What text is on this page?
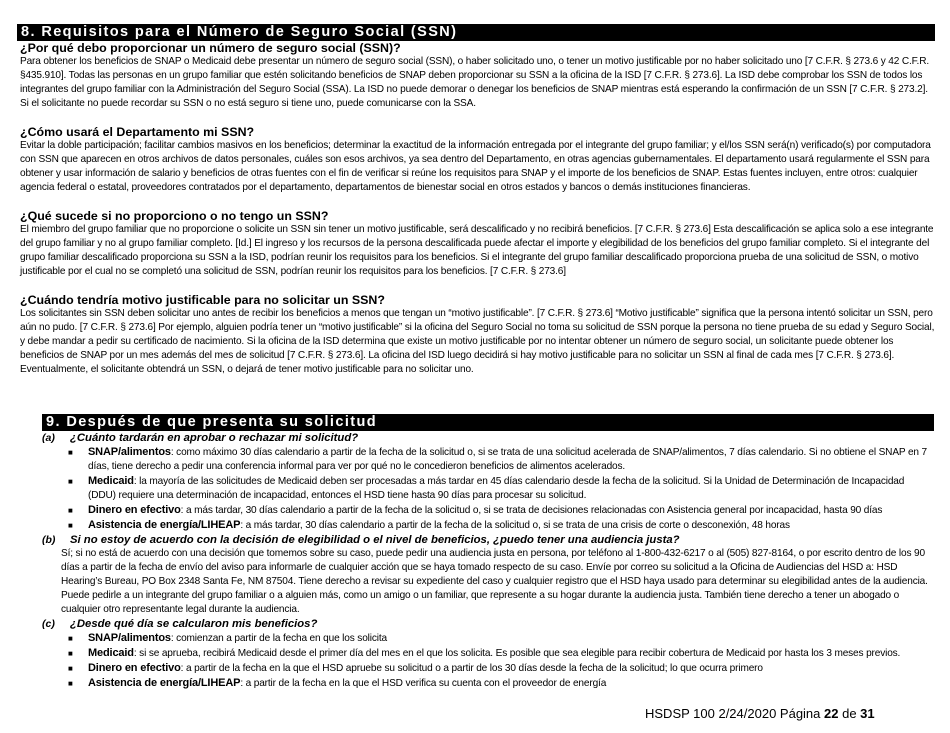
8. Requisitos para el Número de Seguro Social (SSN)

¿Por qué debo proporcionar un número de seguro social (SSN)?

Para obtener los beneficios de SNAP o Medicaid debe presentar un número de seguro social (SSN), o haber solicitado uno, o tener un motivo justificable por no haber solicitado uno [7 C.F.R. § 273.6 y 42 C.F.R. §435.910]. Todas las personas en un grupo familiar que estén solicitando beneficios de SNAP deben proporcionar su SSN a la oficina de la ISD [7 C.F.R. § 273.6]. La ISD debe comprobar los SSN de todos los integrantes del grupo familiar con la Administración del Seguro Social (SSA). La ISD no puede demorar o denegar los beneficios de SNAP mientras está esperando la confirmación de un SSN [7 C.F.R. § 273.2]. Si el solicitante no puede recordar su SSN o no está seguro si tiene uno, puede comunicarse con la SSA.

¿Cómo usará el Departamento mi SSN?

Evitar la doble participación; facilitar cambios masivos en los beneficios; determinar la exactitud de la información entregada por el integrante del grupo familiar; y el/los SSN será(n) verificado(s) por computadora con SSN que aparecen en otros archivos de datos personales, cuáles son esos archivos, ya sea dentro del Departamento, en otras agencias gubernamentales. El departamento usará regularmente el SSN para obtener y usar información de salario y beneficios de otras fuentes con el fin de verificar si reúne los requisitos para SNAP y el importe de los beneficios de SNAP. Estas fuentes incluyen, entre otros: cualquier agencia federal o estatal, proveedores contratados por el departamento, departamentos de bienestar social en otros estados y bancos o demás instituciones financieras.

¿Qué sucede si no proporciono o no tengo un SSN?

El miembro del grupo familiar que no proporcione o solicite un SSN sin tener un motivo justificable, será descalificado y no recibirá beneficios. [7 C.F.R. § 273.6] Esta descalificación se aplica solo a ese integrante del grupo familiar y no al grupo familiar completo. [Id.] El ingreso y los recursos de la persona descalificada puede afectar el importe y elegibilidad de los beneficios del grupo familiar completo. Si el integrante del grupo familiar descalificado proporciona su SSN a la ISD, podrían reunir los requisitos para los beneficios. Si el integrante del grupo familiar descalificado proporciona prueba de una solicitud de SSN, o motivo justificable por el cual no se completó una solicitud de SSN, podrían reunir los requisitos para los beneficios. [7 C.F.R. § 273.6]

¿Cuándo tendría motivo justificable para no solicitar un SSN?

Los solicitantes sin SSN deben solicitar uno antes de recibir los beneficios a menos que tengan un “motivo justificable”. [7 C.F.R. § 273.6] “Motivo justificable” significa que la persona intentó solicitar un SSN, pero aún no pudo. [7 C.F.R. § 273.6] Por ejemplo, alguien podría tener un “motivo justificable” si la oficina del Seguro Social no toma su solicitud de SSN porque la persona no tiene prueba de su edad y Seguro Social, y debe mandar a pedir su certificado de nacimiento. Si la oficina de la ISD determina que existe un motivo justificable por no intentar obtener un número de seguro social, un solicitante puede obtener los beneficios de SNAP por un mes además del mes de solicitud [7 C.F.R. § 273.6]. La oficina del ISD luego decidirá si hay motivo justificable para no solicitar un SSN al final de cada mes [7 C.F.R. § 273.6]. Eventualmente, el solicitante obtendrá un SSN, o dejará de tener motivo justificable para no solicitar uno.

9. Después de que presenta su solicitud
(a) ¿Cuánto tardarán en aprobar o rechazar mi solicitud?
■ SNAP/alimentos: como máximo 30 días calendario a partir de la fecha de la solicitud o, si se trata de una solicitud acelerada de SNAP/alimentos, 7 días calendario. Si no obtiene el SNAP en 7 días, tiene derecho a pedir una conferencia informal para ver por qué no le concedieron beneficios de alimentos acelerados.
■ Medicaid: la mayoría de las solicitudes de Medicaid deben ser procesadas a más tardar en 45 días calendario desde la fecha de la solicitud. Si la Unidad de Determinación de Incapacidad (DDU) requiere una determinación de incapacidad, entonces el HSD tiene hasta 90 días para procesar su solicitud.
■ Dinero en efectivo: a más tardar, 30 días calendario a partir de la fecha de la solicitud o, si se trata de decisiones relacionadas con Asistencia general por incapacidad, hasta 90 días
■ Asistencia de energía/LIHEAP: a más tardar, 30 días calendario a partir de la fecha de la solicitud o, si se trata de una crisis de corte o desconexión, 48 horas
(b) Si no estoy de acuerdo con la decisión de elegibilidad o el nivel de beneficios, ¿puedo tener una audiencia justa?
Sí; si no está de acuerdo con una decisión que tomemos sobre su caso, puede pedir una audiencia justa en persona, por teléfono al 1-800-432-6217 o al (505) 827-8164, o por escrito dentro de los 90 días a partir de la fecha de envío del aviso para informarle de cualquier acción que se haya tomado respecto de su caso. Envíe por correo su solicitud a la Oficina de Audiencias del HSD a: HSD Hearing’s Bureau, PO Box 2348 Santa Fe, NM 87504. Tiene derecho a revisar su expediente del caso y cualquier registro que el HSD haya usado para determinar su elegibilidad antes de la audiencia. Puede pedirle a un integrante del grupo familiar o a alguien más, como un amigo o un familiar, que represente a su hogar durante la audiencia justa. También tiene derecho a tener un abogado o cualquier otro representante legal durante la audiencia.
(c) ¿Desde qué día se calcularon mis beneficios?
■ SNAP/alimentos: comienzan a partir de la fecha en que los solicita
■ Medicaid: si se aprueba, recibirá Medicaid desde el primer día del mes en el que los solicita. Es posible que sea elegible para recibir cobertura de Medicaid por hasta los 3 meses previos.
■ Dinero en efectivo: a partir de la fecha en la que el HSD apruebe su solicitud o a partir de los 30 días desde la fecha de la solicitud; lo que ocurra primero
■ Asistencia de energía/LIHEAP: a partir de la fecha en la que el HSD verifica su cuenta con el proveedor de energía
HSDSP 100 2/24/2020 Página 22 de 31
